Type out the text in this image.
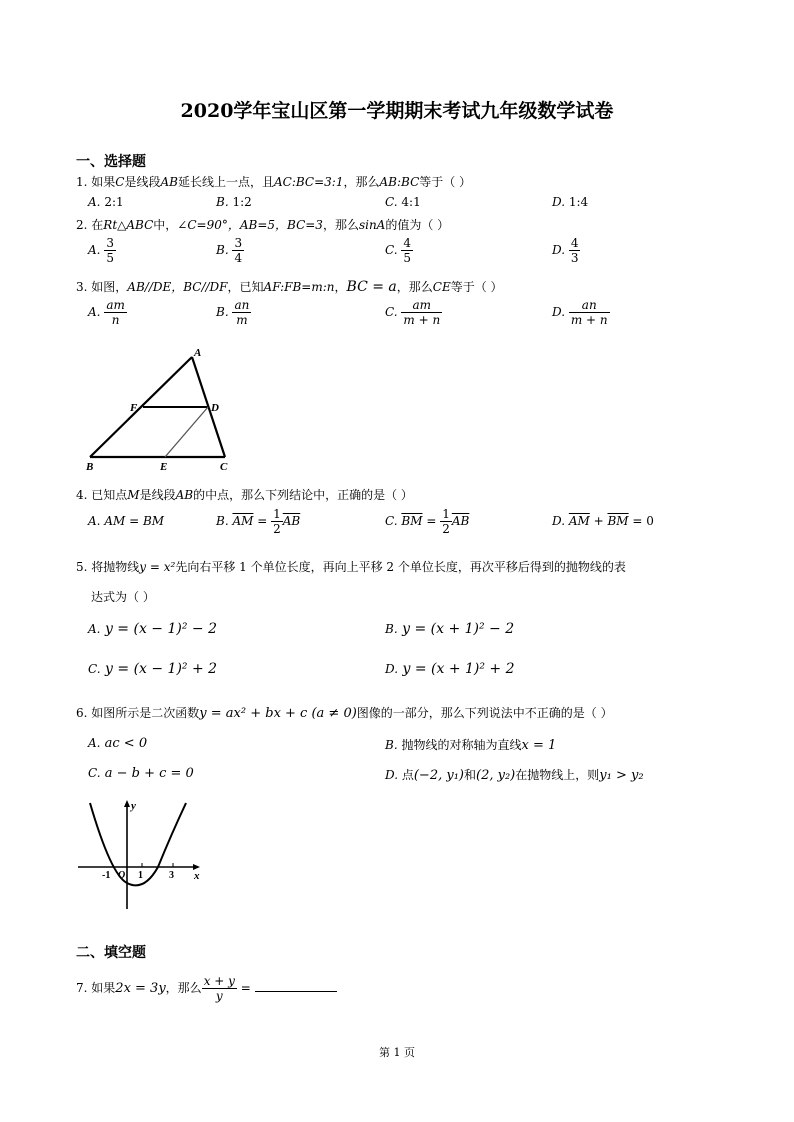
2020学年宝山区第一学期期末考试九年级数学试卷
一、选择题
1. 如果C是线段AB延长线上一点，且AC:BC=3:1，那么AB:BC等于（ ）
A. 2:1	B. 1:2	C. 4:1	D. 1:4
2. 在Rt△ABC中，∠C=90°，AB=5，BC=3，那么sinA的值为（ ）
A. $\frac{3}{5}$	B. $\frac{3}{4}$	C. $\frac{4}{5}$	D. $\frac{4}{3}$
3. 如图，AB//DE，BC//DF，已知AF:FB=m:n，BC = a，那么CE等于（ ）
A. $\frac{am}{n}$	B. $\frac{an}{m}$	C. $\frac{am}{m + n}$	D. $\frac{an}{m + n}$
A
F	D
B	E	C
4. 已知点M是线段AB的中点，那么下列结论中，正确的是（ ）
A. AM = BM	B. $\overline{AM} = \frac{1}{2} \overline{AB}$	C. $\overline{BM} = \frac{1}{2} \overline{AB}$	D. $\overline{AM} + \overline{BM} = 0$
5. 将抛物线y = x²先向右平移 1 个单位长度，再向上平移 2 个单位长度，再次平移后得到的抛物线的表
达式为（ ）
A. y = (x − 1)² − 2	B. y = (x + 1)² − 2
C. y = (x − 1)² + 2	D. y = (x + 1)² + 2
6. 如图所示是二次函数y = ax² + bx + c (a ≠ 0)图像的一部分，那么下列说法中不正确的是（ ）
A. ac < 0	B. 抛物线的对称轴为直线x = 1
C. a − b + c = 0	D. 点(−2, y₁)和(2, y₂)在抛物线上，则y₁ > y₂
y
x
-1 O 1	3
二、填空题
7. 如果2x = 3y，那么 $\frac{x + y}{y}$ =
第 1 页
